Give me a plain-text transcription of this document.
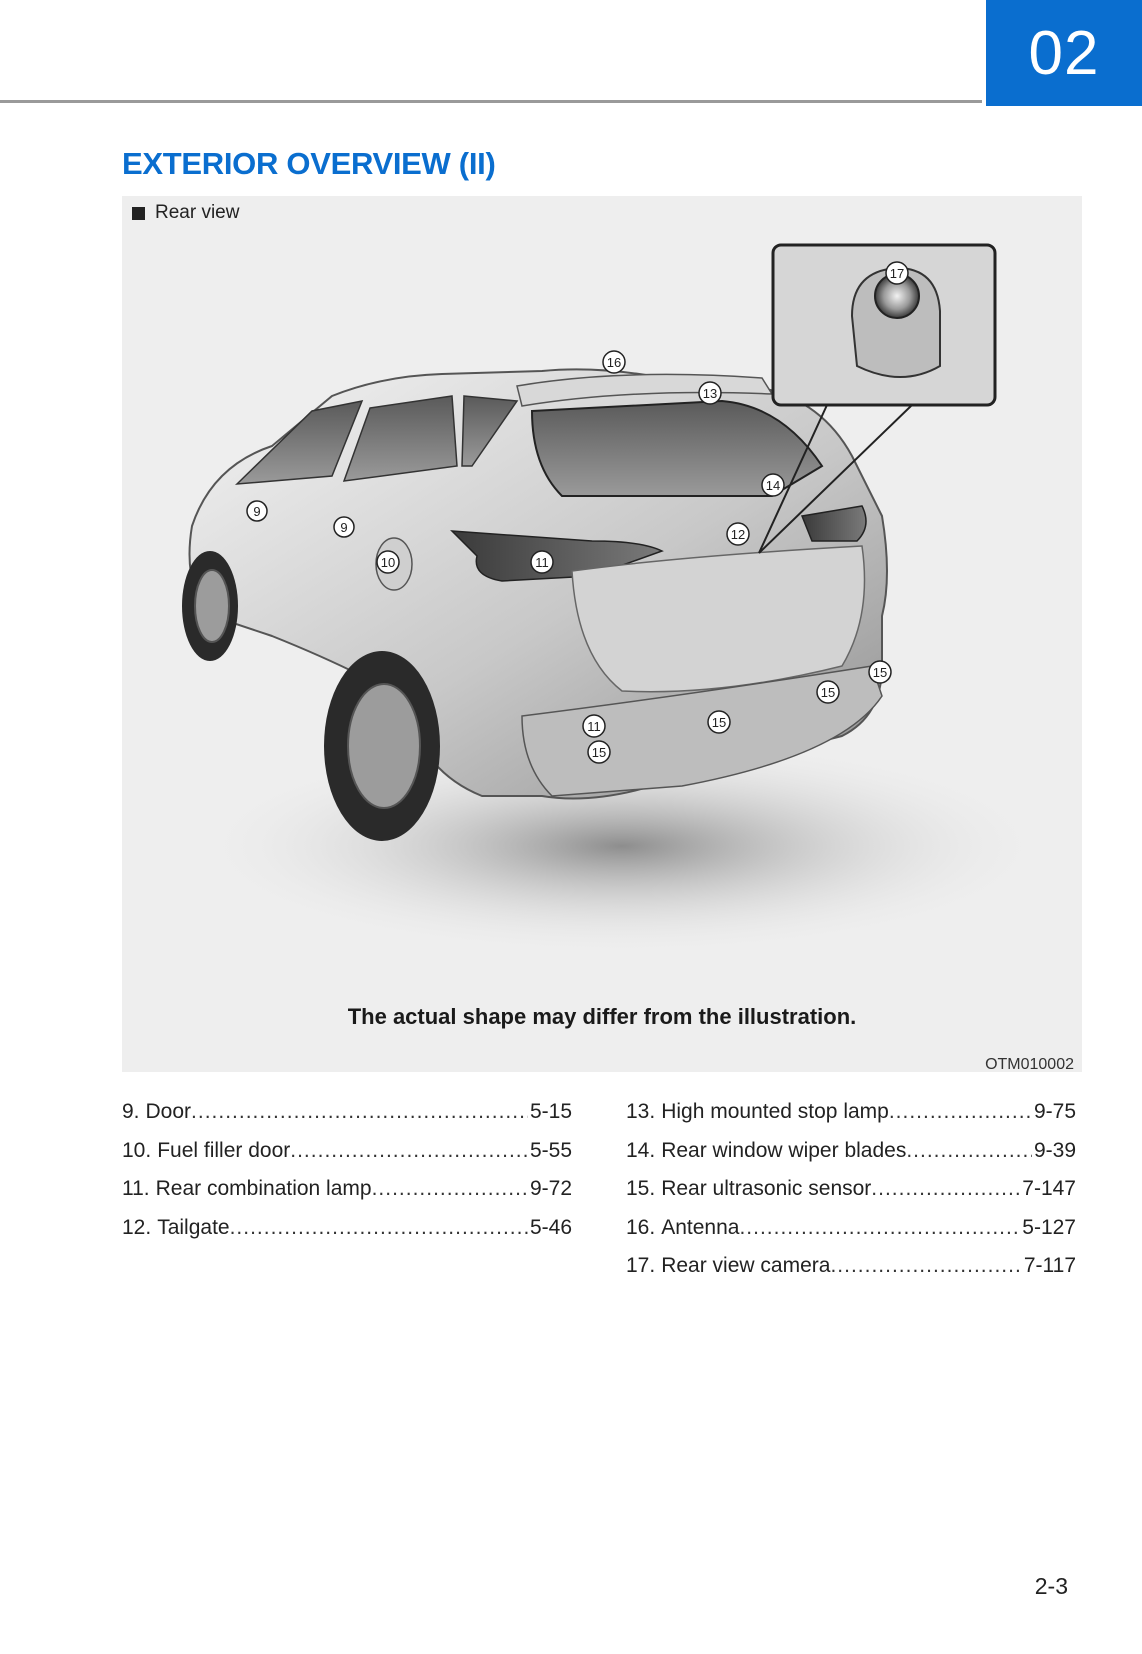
02
EXTERIOR OVERVIEW (II)
9
9
10	11
11
12
13
14
15
15
15
15
16
17
Rear view
The actual shape may differ from the illustration.
OTM010002
9. Door .....	5-15
10. Fuel filler door .....	5-55
11. Rear combination lamp .....	9-72
12. Tailgate .....	5-46
13. High mounted stop lamp .....	9-75
14. Rear window wiper blades .....	9-39
15. Rear ultrasonic sensor .....	7-147
16. Antenna .....	5-127
17. Rear view camera .....	7-117
2-3
